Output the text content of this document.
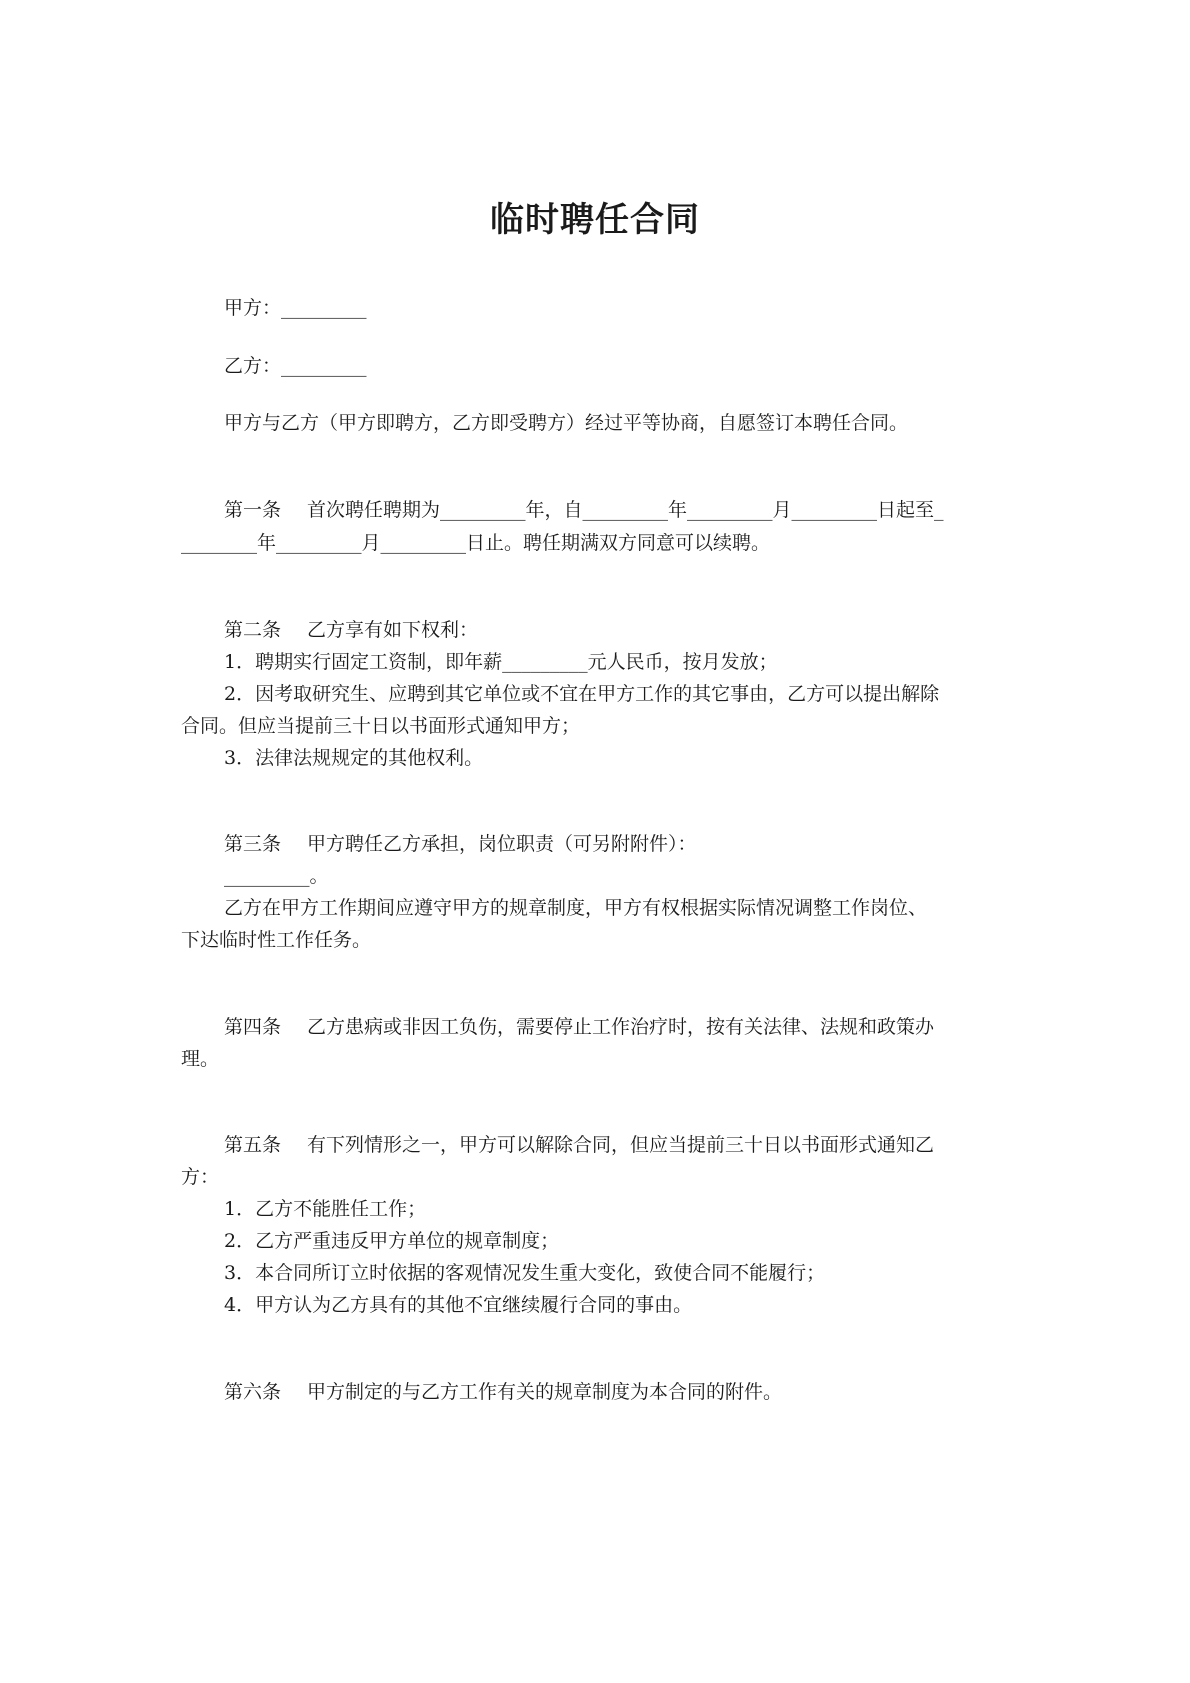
临时聘任合同

甲方：_________

乙方：_________

甲方与乙方（甲方即聘方，乙方即受聘方）经过平等协商，自愿签订本聘任合同。

第一条 首次聘任聘期为_________年，自_________年_________月_________日起至_

________年_________月_________日止。聘任期满双方同意可以续聘。

第二条 乙方享有如下权利：

1．聘期实行固定工资制，即年薪_________元人民币，按月发放；

2．因考取研究生、应聘到其它单位或不宜在甲方工作的其它事由，乙方可以提出解除

合同。但应当提前三十日以书面形式通知甲方；

3．法律法规规定的其他权利。

第三条 甲方聘任乙方承担，岗位职责（可另附附件）：

_________。

乙方在甲方工作期间应遵守甲方的规章制度，甲方有权根据实际情况调整工作岗位、

下达临时性工作任务。

第四条 乙方患病或非因工负伤，需要停止工作治疗时，按有关法律、法规和政策办

理。

第五条 有下列情形之一，甲方可以解除合同，但应当提前三十日以书面形式通知乙

方：

1．乙方不能胜任工作；

2．乙方严重违反甲方单位的规章制度；

3．本合同所订立时依据的客观情况发生重大变化，致使合同不能履行；

4．甲方认为乙方具有的其他不宜继续履行合同的事由。

第六条 甲方制定的与乙方工作有关的规章制度为本合同的附件。
